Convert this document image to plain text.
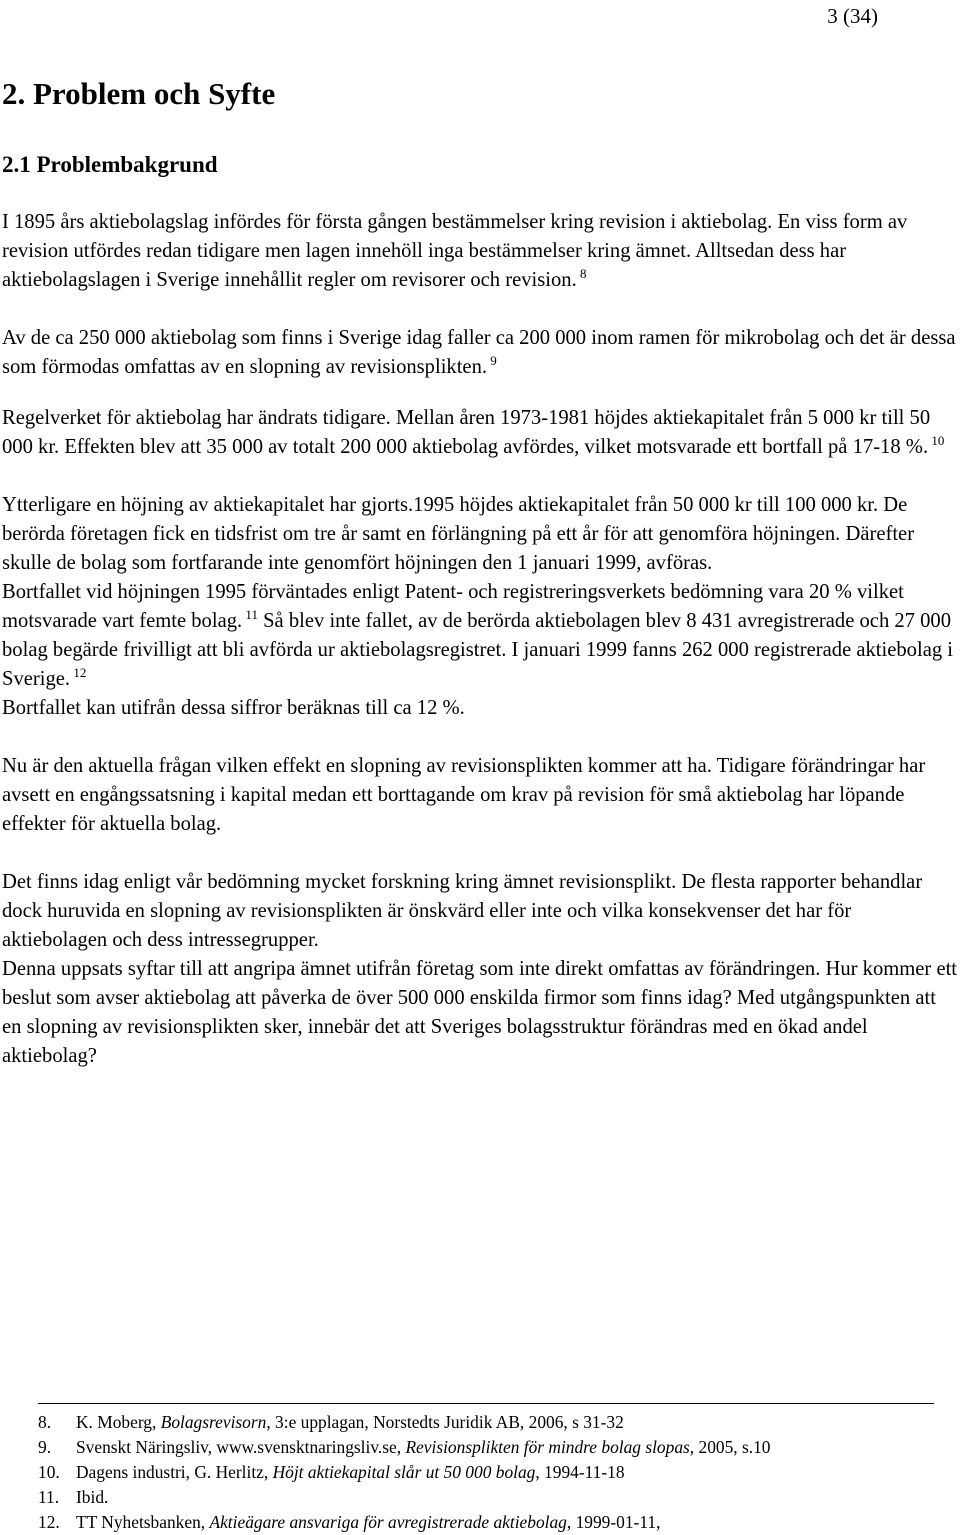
3 (34)
2. Problem och Syfte
2.1 Problembakgrund

I 1895 års aktiebolagslag infördes för första gången bestämmelser kring revision i aktiebolag. En viss form av revision utfördes redan tidigare men lagen innehöll inga bestämmelser kring ämnet. Alltsedan dess har aktiebolagslagen i Sverige innehållit regler om revisorer och revision. $^8$

Av de ca 250 000 aktiebolag som finns i Sverige idag faller ca 200 000 inom ramen för mikrobolag och det är dessa som förmodas omfattas av en slopning av revisionsplikten. $^9$

Regelverket för aktiebolag har ändrats tidigare. Mellan åren 1973-1981 höjdes aktiekapitalet från 5 000 kr till 50 000 kr. Effekten blev att 35 000 av totalt 200 000 aktiebolag avfördes, vilket motsvarade ett bortfall på 17-18 %. $^{10}$

Ytterligare en höjning av aktiekapitalet har gjorts.1995 höjdes aktiekapitalet från 50 000 kr till 100 000 kr. De berörda företagen fick en tidsfrist om tre år samt en förlängning på ett år för att genomföra höjningen. Därefter skulle de bolag som fortfarande inte genomfört höjningen den 1 januari 1999, avföras.

Bortfallet vid höjningen 1995 förväntades enligt Patent- och registreringsverkets bedömning vara 20 % vilket motsvarade vart femte bolag. $^{11}$ Så blev inte fallet, av de berörda aktiebolagen blev 8 431 avregistrerade och 27 000 bolag begärde frivilligt att bli avförda ur aktiebolagsregistret. I januari 1999 fanns 262 000 registrerade aktiebolag i Sverige. $^{12}$
Bortfallet kan utifrån dessa siffror beräknas till ca 12 %.

Nu är den aktuella frågan vilken effekt en slopning av revisionsplikten kommer att ha. Tidigare förändringar har avsett en engångssatsning i kapital medan ett borttagande om krav på revision för små aktiebolag har löpande effekter för aktuella bolag.

Det finns idag enligt vår bedömning mycket forskning kring ämnet revisionsplikt. De flesta rapporter behandlar dock huruvida en slopning av revisionsplikten är önskvärd eller inte och vilka konsekvenser det har för aktiebolagen och dess intressegrupper.

Denna uppsats syftar till att angripa ämnet utifrån företag som inte direkt omfattas av förändringen. Hur kommer ett beslut som avser aktiebolag att påverka de över 500 000 enskilda firmor som finns idag? Med utgångspunkten att en slopning av revisionsplikten sker, innebär det att Sveriges bolagsstruktur förändras med en ökad andel aktiebolag?

8. K. Moberg, Bolagsrevisorn, 3:e upplagan, Norstedts Juridik AB, 2006, s 31-32
9. Svenskt Näringsliv, www.svensktnaringsliv.se, Revisionsplikten för mindre bolag slopas, 2005, s.10
10. Dagens industri, G. Herlitz, Höjt aktiekapital slår ut 50 000 bolag, 1994-11-18
11. Ibid.
12. TT Nyhetsbanken, Aktieägare ansvariga för avregistrerade aktiebolag, 1999-01-11,
